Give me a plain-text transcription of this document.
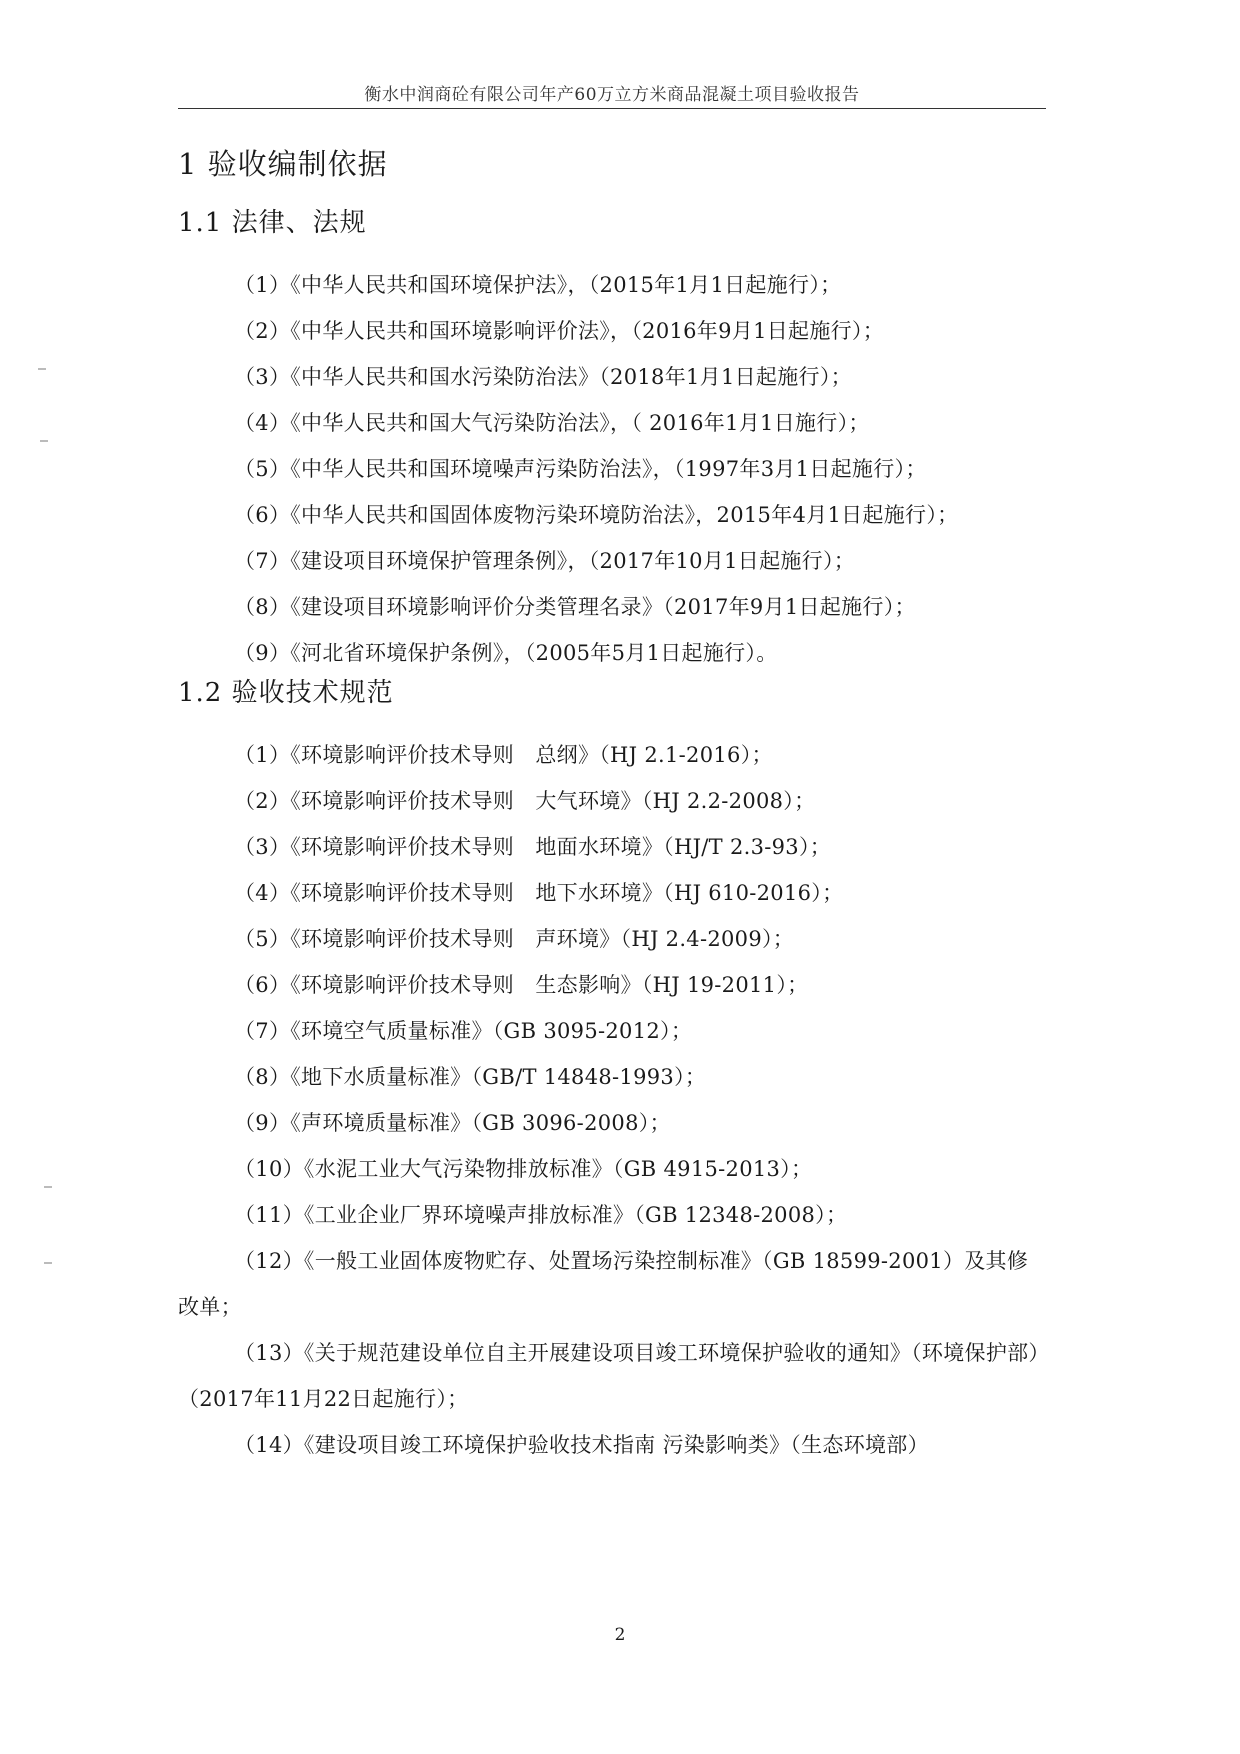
衡水中润商砼有限公司年产60万立方米商品混凝土项目验收报告
1 验收编制依据
1.1 法律、法规

（1）《中华人民共和国环境保护法》，（2015年1月1日起施行）；

（2）《中华人民共和国环境影响评价法》，（2016年9月1日起施行）；

（3）《中华人民共和国水污染防治法》（2018年1月1日起施行）；

（4）《中华人民共和国大气污染防治法》，（ 2016年1月1日施行）；

（5）《中华人民共和国环境噪声污染防治法》，（1997年3月1日起施行）；

（6）《中华人民共和国固体废物污染环境防治法》，2015年4月1日起施行）；

（7）《建设项目环境保护管理条例》，（2017年10月1日起施行）；

（8）《建设项目环境影响评价分类管理名录》（2017年9月1日起施行）；

（9）《河北省环境保护条例》，（2005年5月1日起施行）。

1.2 验收技术规范

（1）《环境影响评价技术导则　总纲》（HJ 2.1-2016）；

（2）《环境影响评价技术导则　大气环境》（HJ 2.2-2008）；

（3）《环境影响评价技术导则　地面水环境》（HJ/T 2.3-93）；

（4）《环境影响评价技术导则　地下水环境》（HJ 610-2016）；

（5）《环境影响评价技术导则　声环境》（HJ 2.4-2009）；

（6）《环境影响评价技术导则　生态影响》（HJ 19-2011）；

（7）《环境空气质量标准》（GB 3095-2012）；

（8）《地下水质量标准》（GB/T 14848-1993）；

（9）《声环境质量标准》（GB 3096-2008）；

（10）《水泥工业大气污染物排放标准》（GB 4915-2013）；

（11）《工业企业厂界环境噪声排放标准》（GB 12348-2008）；

（12）《一般工业固体废物贮存、处置场污染控制标准》（GB 18599-2001）及其修改单；

（13）《关于规范建设单位自主开展建设项目竣工环境保护验收的通知》（环境保护部）（2017年11月22日起施行）；

（14）《建设项目竣工环境保护验收技术指南 污染影响类》（生态环境部）

2
